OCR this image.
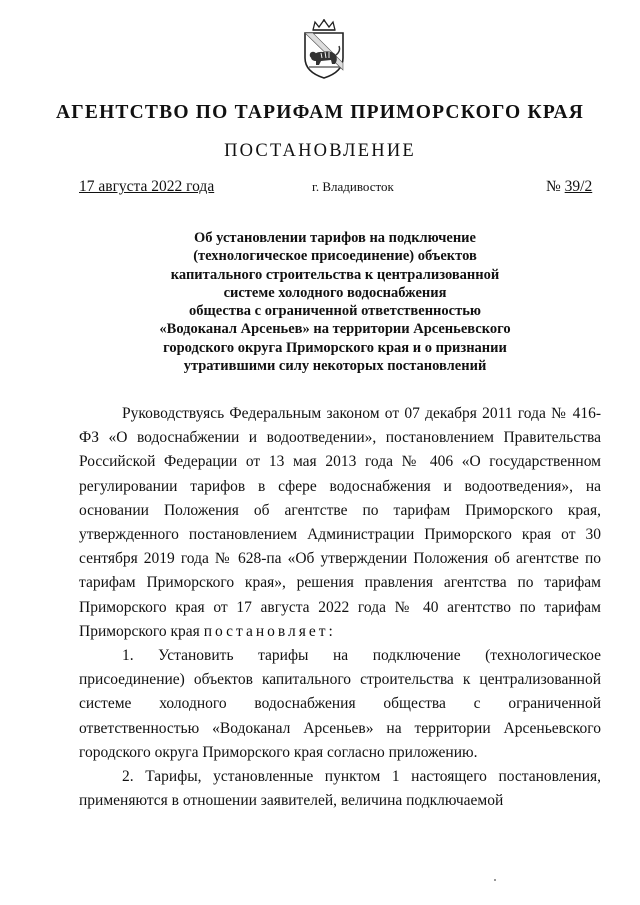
АГЕНТСТВО ПО ТАРИФАМ ПРИМОРСКОГО КРАЯ
ПОСТАНОВЛЕНИЕ
17 августа 2022 года	г. Владивосток	№ 39/2
Об установлении тарифов на подключение
(технологическое присоединение) объектов
капитального строительства к централизованной
системе холодного водоснабжения
общества с ограниченной ответственностью
«Водоканал Арсеньев» на территории Арсеньевского
городского округа Приморского края и о признании
утратившими силу некоторых постановлений

Руководствуясь Федеральным законом от 07 декабря 2011 года № 416-ФЗ «О водоснабжении и водоотведении», постановлением Правительства Российской Федерации от 13 мая 2013 года № 406 «О государственном регулировании тарифов в сфере водоснабжения и водоотведения», на основании Положения об агентстве по тарифам Приморского края, утвержденного постановлением Администрации Приморского края от 30 сентября 2019 года № 628-па «Об утверждении Положения об агентстве по тарифам Приморского края», решения правления агентства по тарифам Приморского края от 17 августа 2022 года № 40 агентство по тарифам Приморского края постановляет:

1. Установить тарифы на подключение (технологическое присоединение) объектов капитального строительства к централизованной системе холодного водоснабжения общества с ограниченной ответственностью «Водоканал Арсеньев» на территории Арсеньевского городского округа Приморского края согласно приложению.

2. Тарифы, установленные пунктом 1 настоящего постановления, применяются в отношении заявителей, величина подключаемой
